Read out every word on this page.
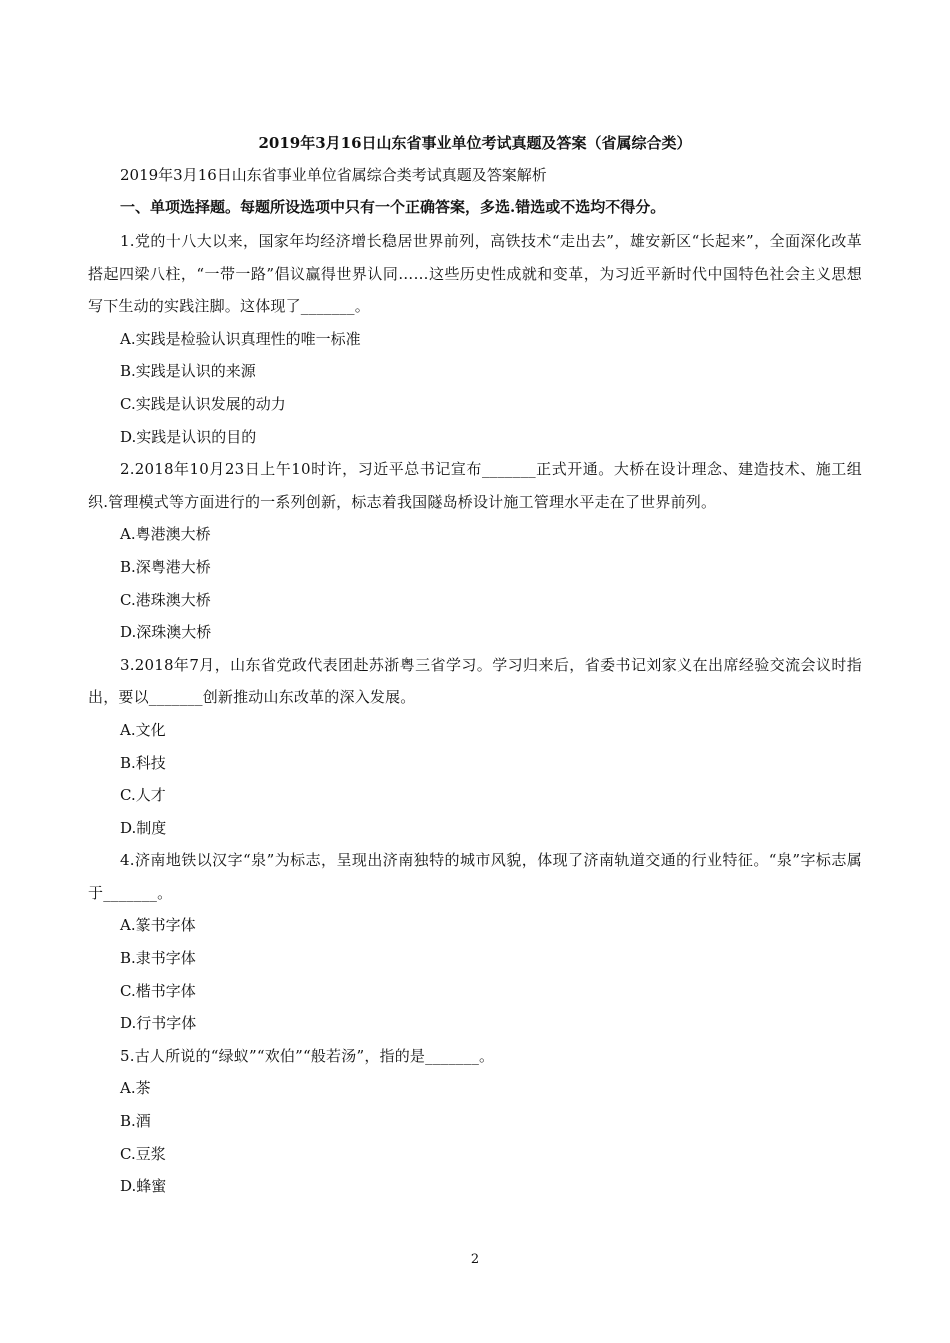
2019年3月16日山东省事业单位考试真题及答案（省属综合类）
2019年3月16日山东省事业单位省属综合类考试真题及答案解析
一、单项选择题。每题所设选项中只有一个正确答案，多选.错选或不选均不得分。

1.党的十八大以来，国家年均经济增长稳居世界前列，高铁技术“走出去”，雄安新区“长起来”，全面深化改革搭起四梁八柱，“一带一路”倡议赢得世界认同……这些历史性成就和变革，为习近平新时代中国特色社会主义思想写下生动的实践注脚。这体现了_______。

A.实践是检验认识真理性的唯一标准

B.实践是认识的来源

C.实践是认识发展的动力

D.实践是认识的目的

2.2018年10月23日上午10时许，习近平总书记宣布_______正式开通。大桥在设计理念、建造技术、施工组织.管理模式等方面进行的一系列创新，标志着我国隧岛桥设计施工管理水平走在了世界前列。

A.粤港澳大桥

B.深粤港大桥

C.港珠澳大桥

D.深珠澳大桥

3.2018年7月，山东省党政代表团赴苏浙粤三省学习。学习归来后，省委书记刘家义在出席经验交流会议时指出，要以_______创新推动山东改革的深入发展。

A.文化

B.科技

C.人才

D.制度

4.济南地铁以汉字“泉”为标志，呈现出济南独特的城市风貌，体现了济南轨道交通的行业特征。“泉”字标志属于_______。

A.篆书字体

B.隶书字体

C.楷书字体

D.行书字体

5.古人所说的“绿蚁”“欢伯”“般若汤”，指的是_______。

A.茶

B.酒

C.豆浆

D.蜂蜜

2
